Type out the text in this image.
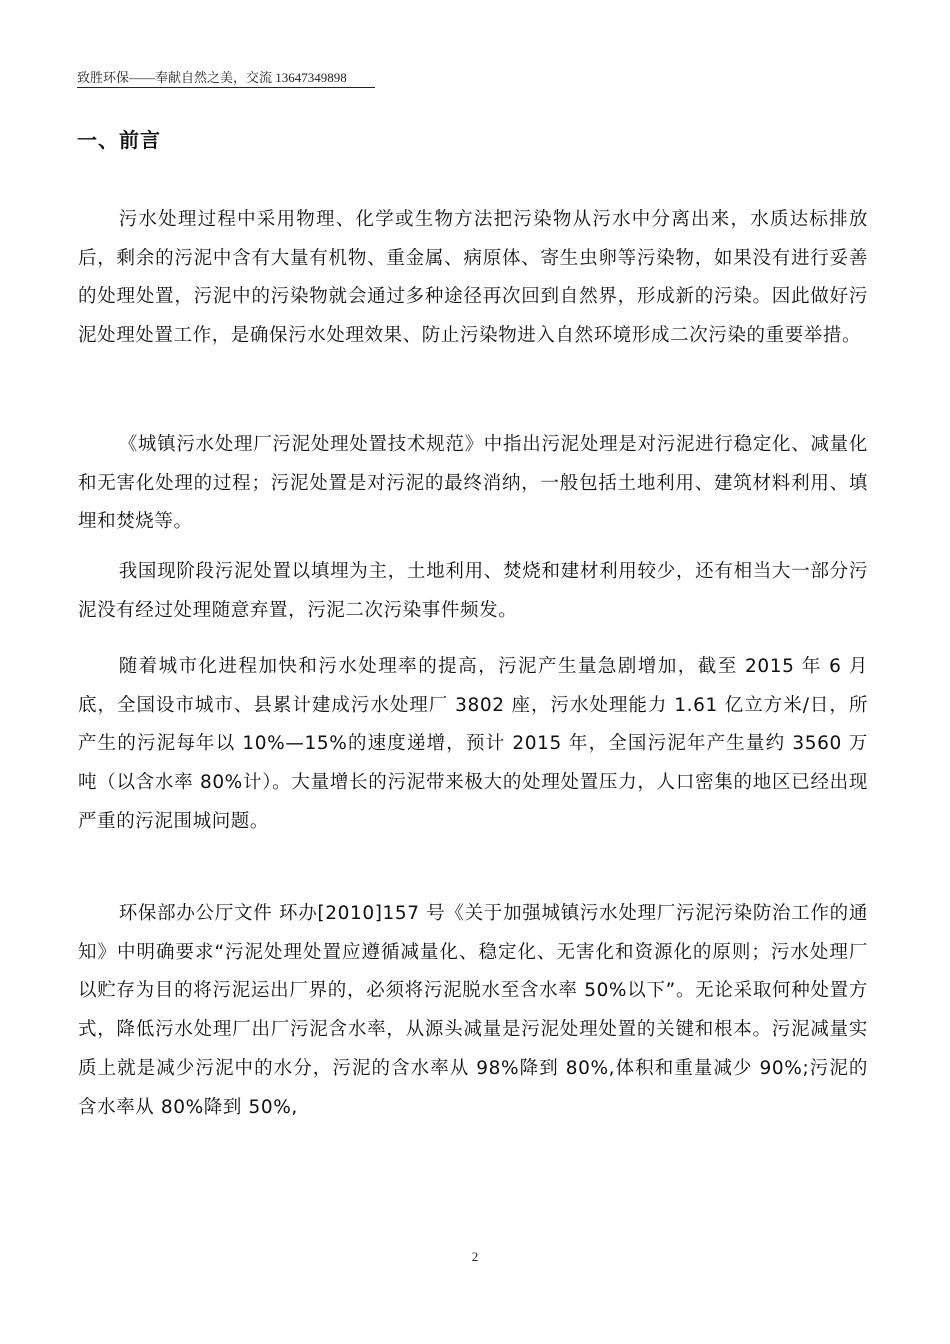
致胜环保——奉献自然之美，交流 13647349898
一、前言

污水处理过程中采用物理、化学或生物方法把污染物从污水中分离出来，水质达标排放后，剩余的污泥中含有大量有机物、重金属、病原体、寄生虫卵等污染物，如果没有进行妥善的处理处置，污泥中的污染物就会通过多种途径再次回到自然界，形成新的污染。因此做好污泥处理处置工作，是确保污水处理效果、防止污染物进入自然环境形成二次污染的重要举措。

《城镇污水处理厂污泥处理处置技术规范》中指出污泥处理是对污泥进行稳定化、减量化和无害化处理的过程；污泥处置是对污泥的最终消纳，一般包括土地利用、建筑材料利用、填埋和焚烧等。

我国现阶段污泥处置以填埋为主，土地利用、焚烧和建材利用较少，还有相当大一部分污泥没有经过处理随意弃置，污泥二次污染事件频发。

随着城市化进程加快和污水处理率的提高，污泥产生量急剧增加，截至 2015 年 6 月底，全国设市城市、县累计建成污水处理厂 3802 座，污水处理能力 1.61 亿立方米/日，所产生的污泥每年以 10%—15%的速度递增，预计 2015 年，全国污泥年产生量约 3560 万吨（以含水率 80%计）。大量增长的污泥带来极大的处理处置压力，人口密集的地区已经出现严重的污泥围城问题。

环保部办公厅文件 环办[2010]157 号《关于加强城镇污水处理厂污泥污染防治工作的通知》中明确要求“污泥处理处置应遵循减量化、稳定化、无害化和资源化的原则；污水处理厂以贮存为目的将污泥运出厂界的，必须将污泥脱水至含水率 50%以下”。无论采取何种处置方式，降低污水处理厂出厂污泥含水率，从源头减量是污泥处理处置的关键和根本。污泥减量实质上就是减少污泥中的水分，污泥的含水率从 98%降到 80%,体积和重量减少 90%;污泥的含水率从 80%降到 50%,

2
